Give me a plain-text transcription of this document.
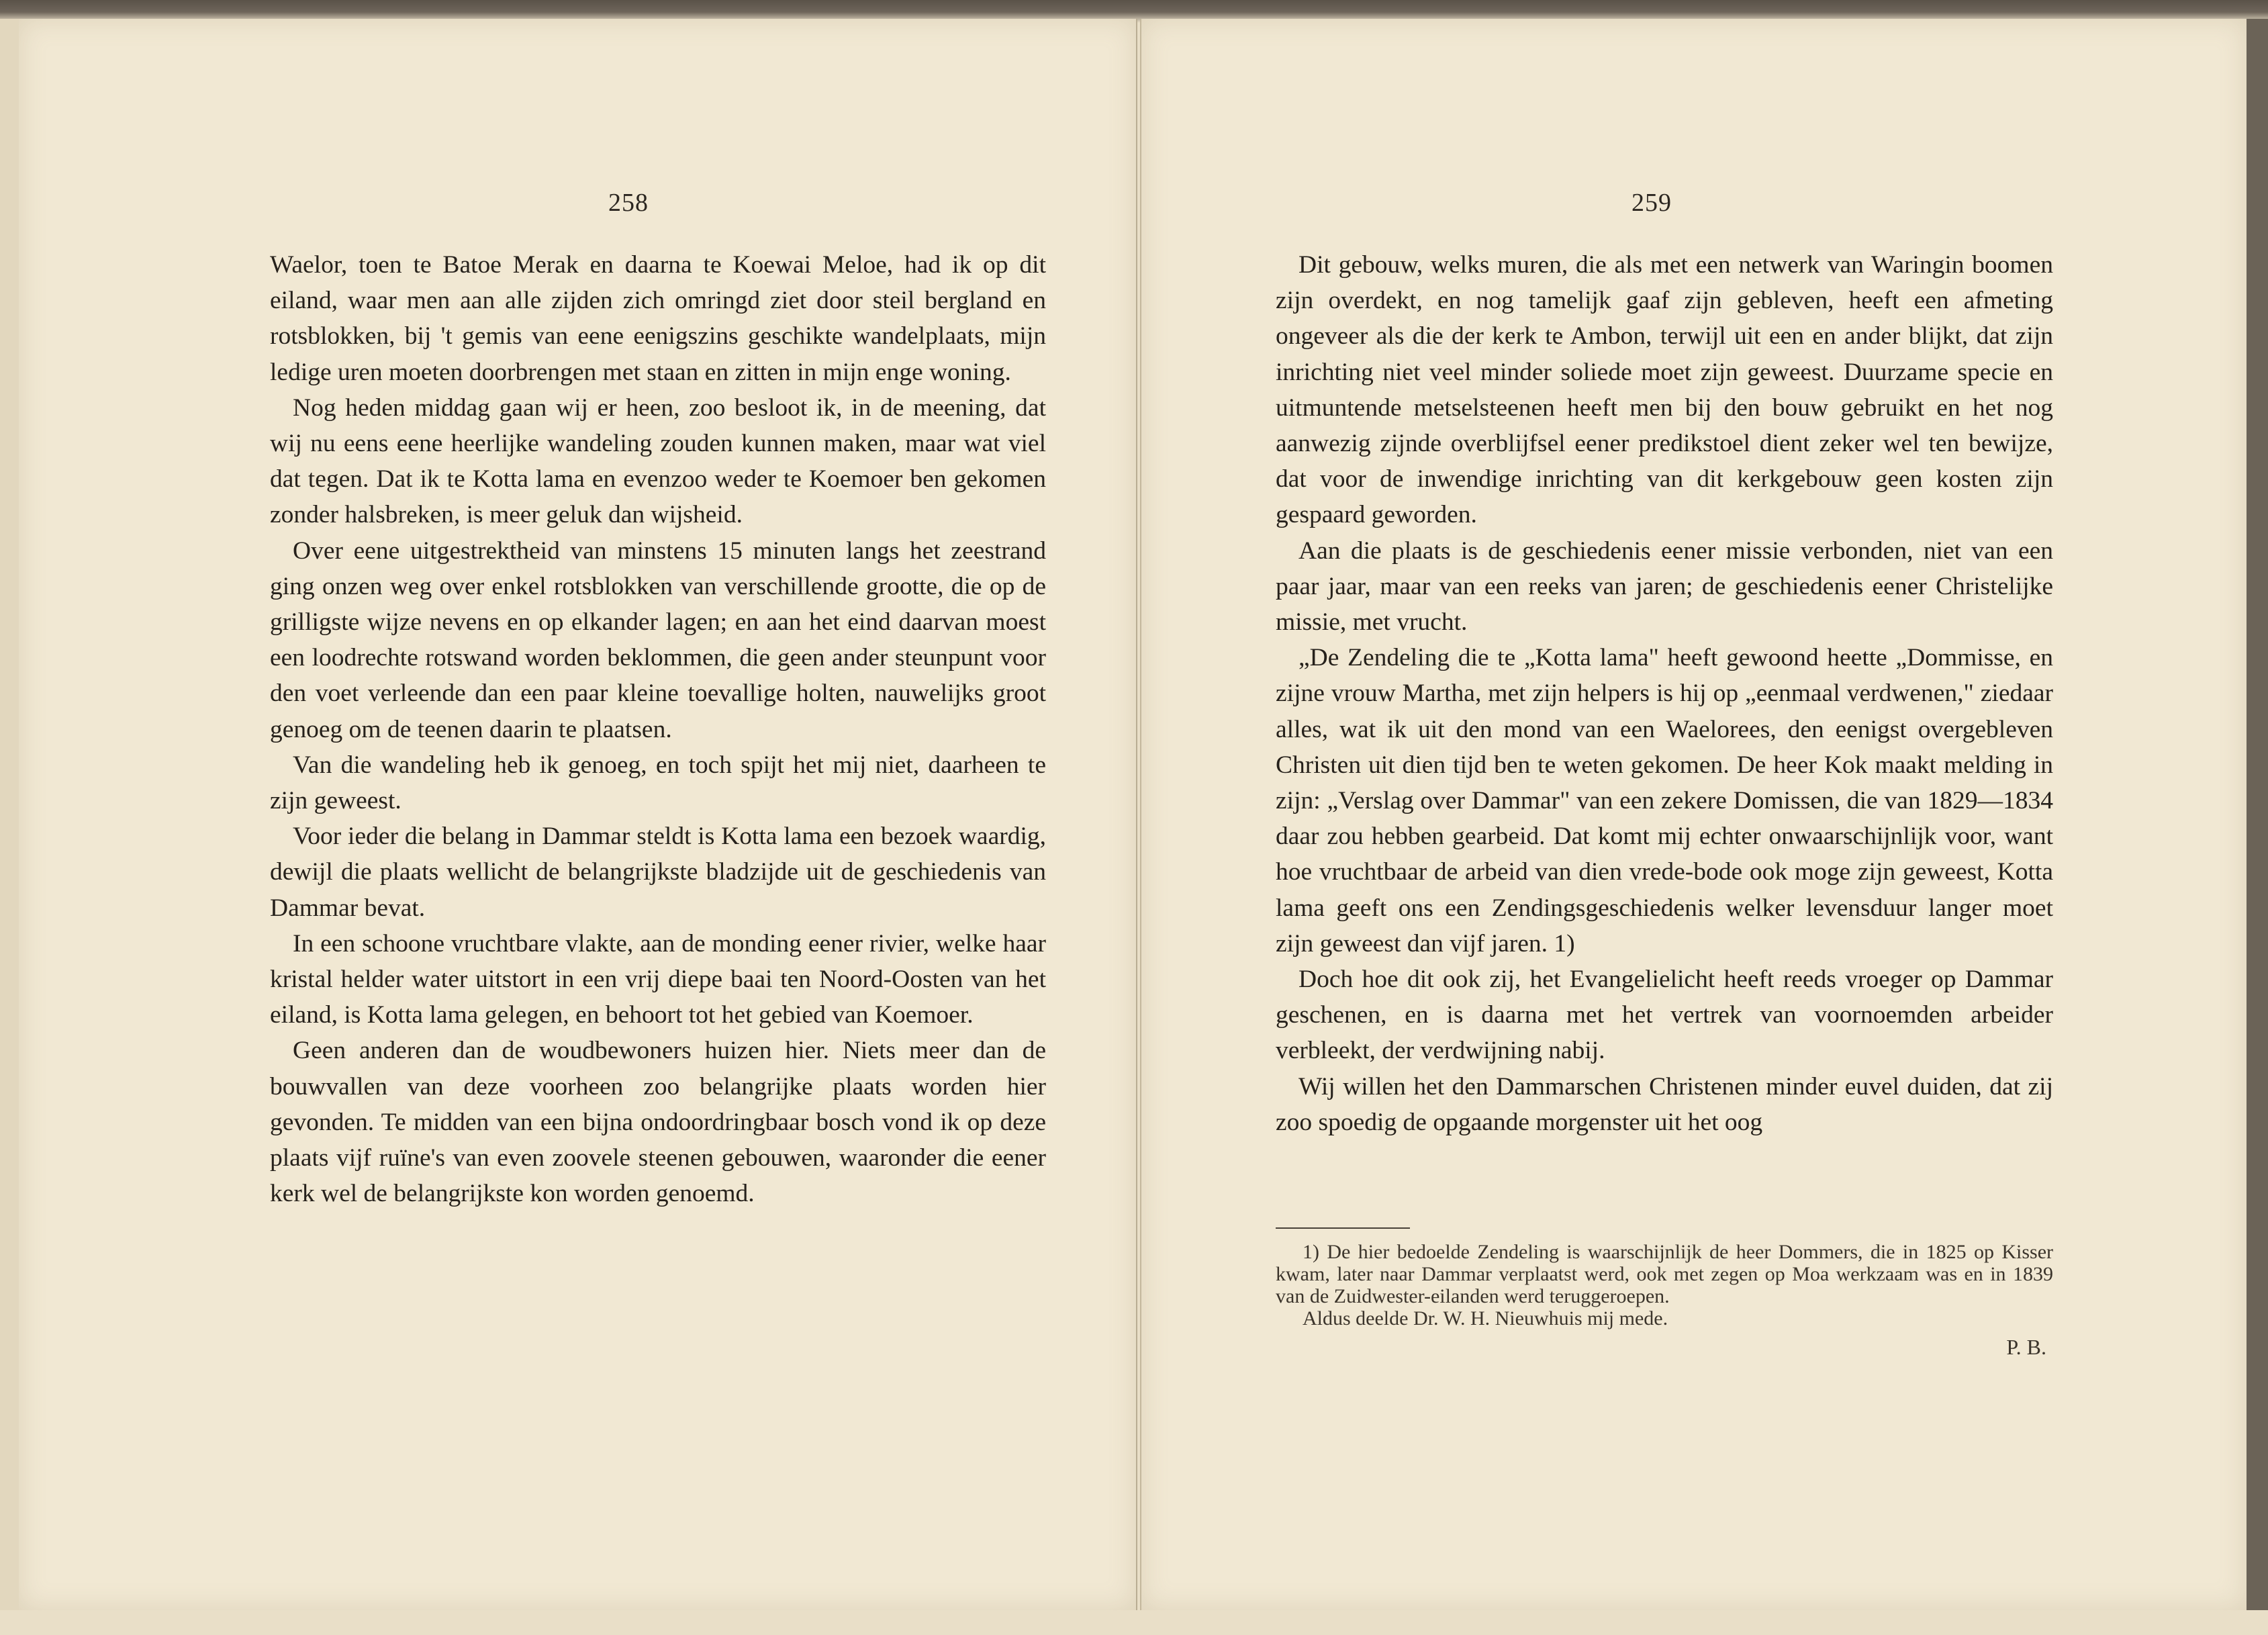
258

Waelor, toen te Batoe Merak en daarna te Koewai Meloe, had ik op dit eiland, waar men aan alle zijden zich omringd ziet door steil bergland en rotsblokken, bij 't gemis van eene eenigszins geschikte wandelplaats, mijn ledige uren moeten doorbrengen met staan en zitten in mijn enge woning.

Nog heden middag gaan wij er heen, zoo besloot ik, in de meening, dat wij nu eens eene heerlijke wandeling zouden kunnen maken, maar wat viel dat tegen. Dat ik te Kotta lama en evenzoo weder te Koemoer ben gekomen zonder halsbreken, is meer geluk dan wijsheid.

Over eene uitgestrektheid van minstens 15 minuten langs het zeestrand ging onzen weg over enkel rotsblokken van verschillende grootte, die op de grilligste wijze nevens en op elkander lagen; en aan het eind daarvan moest een loodrechte rotswand worden beklommen, die geen ander steunpunt voor den voet verleende dan een paar kleine toevallige holten, nauwelijks groot genoeg om de teenen daarin te plaatsen.

Van die wandeling heb ik genoeg, en toch spijt het mij niet, daarheen te zijn geweest.

Voor ieder die belang in Dammar steldt is Kotta lama een bezoek waardig, dewijl die plaats wellicht de belangrijkste bladzijde uit de geschiedenis van Dammar bevat.

In een schoone vruchtbare vlakte, aan de monding eener rivier, welke haar kristal helder water uitstort in een vrij diepe baai ten Noord-Oosten van het eiland, is Kotta lama gelegen, en behoort tot het gebied van Koemoer.

Geen anderen dan de woudbewoners huizen hier. Niets meer dan de bouwvallen van deze voorheen zoo belangrijke plaats worden hier gevonden. Te midden van een bijna ondoordringbaar bosch vond ik op deze plaats vijf ruïne's van even zoovele steenen gebouwen, waaronder die eener kerk wel de belangrijkste kon worden genoemd.

259

Dit gebouw, welks muren, die als met een netwerk van Waringin boomen zijn overdekt, en nog tamelijk gaaf zijn gebleven, heeft een afmeting ongeveer als die der kerk te Ambon, terwijl uit een en ander blijkt, dat zijn inrichting niet veel minder soliede moet zijn geweest. Duurzame specie en uitmuntende metselsteenen heeft men bij den bouw gebruikt en het nog aanwezig zijnde overblijfsel eener predikstoel dient zeker wel ten bewijze, dat voor de inwendige inrichting van dit kerkgebouw geen kosten zijn gespaard geworden.

Aan die plaats is de geschiedenis eener missie verbonden, niet van een paar jaar, maar van een reeks van jaren; de geschiedenis eener Christelijke missie, met vrucht.

„De Zendeling die te „Kotta lama" heeft gewoond heette „Dommisse, en zijne vrouw Martha, met zijn helpers is hij op „eenmaal verdwenen," ziedaar alles, wat ik uit den mond van een Waelorees, den eenigst overgebleven Christen uit dien tijd ben te weten gekomen. De heer Kok maakt melding in zijn: „Verslag over Dammar" van een zekere Domissen, die van 1829—1834 daar zou hebben gearbeid. Dat komt mij echter onwaarschijnlijk voor, want hoe vruchtbaar de arbeid van dien vrede-bode ook moge zijn geweest, Kotta lama geeft ons een Zendingsgeschiedenis welker levensduur langer moet zijn geweest dan vijf jaren. 1)

Doch hoe dit ook zij, het Evangelielicht heeft reeds vroeger op Dammar geschenen, en is daarna met het vertrek van voornoemden arbeider verbleekt, der verdwijning nabij.

Wij willen het den Dammarschen Christenen minder euvel duiden, dat zij zoo spoedig de opgaande morgenster uit het oog

1) De hier bedoelde Zendeling is waarschijnlijk de heer Dommers, die in 1825 op Kisser kwam, later naar Dammar verplaatst werd, ook met zegen op Moa werkzaam was en in 1839 van de Zuidwester-eilanden werd teruggeroepen.

Aldus deelde Dr. W. H. Nieuwhuis mij mede.

P. B.
